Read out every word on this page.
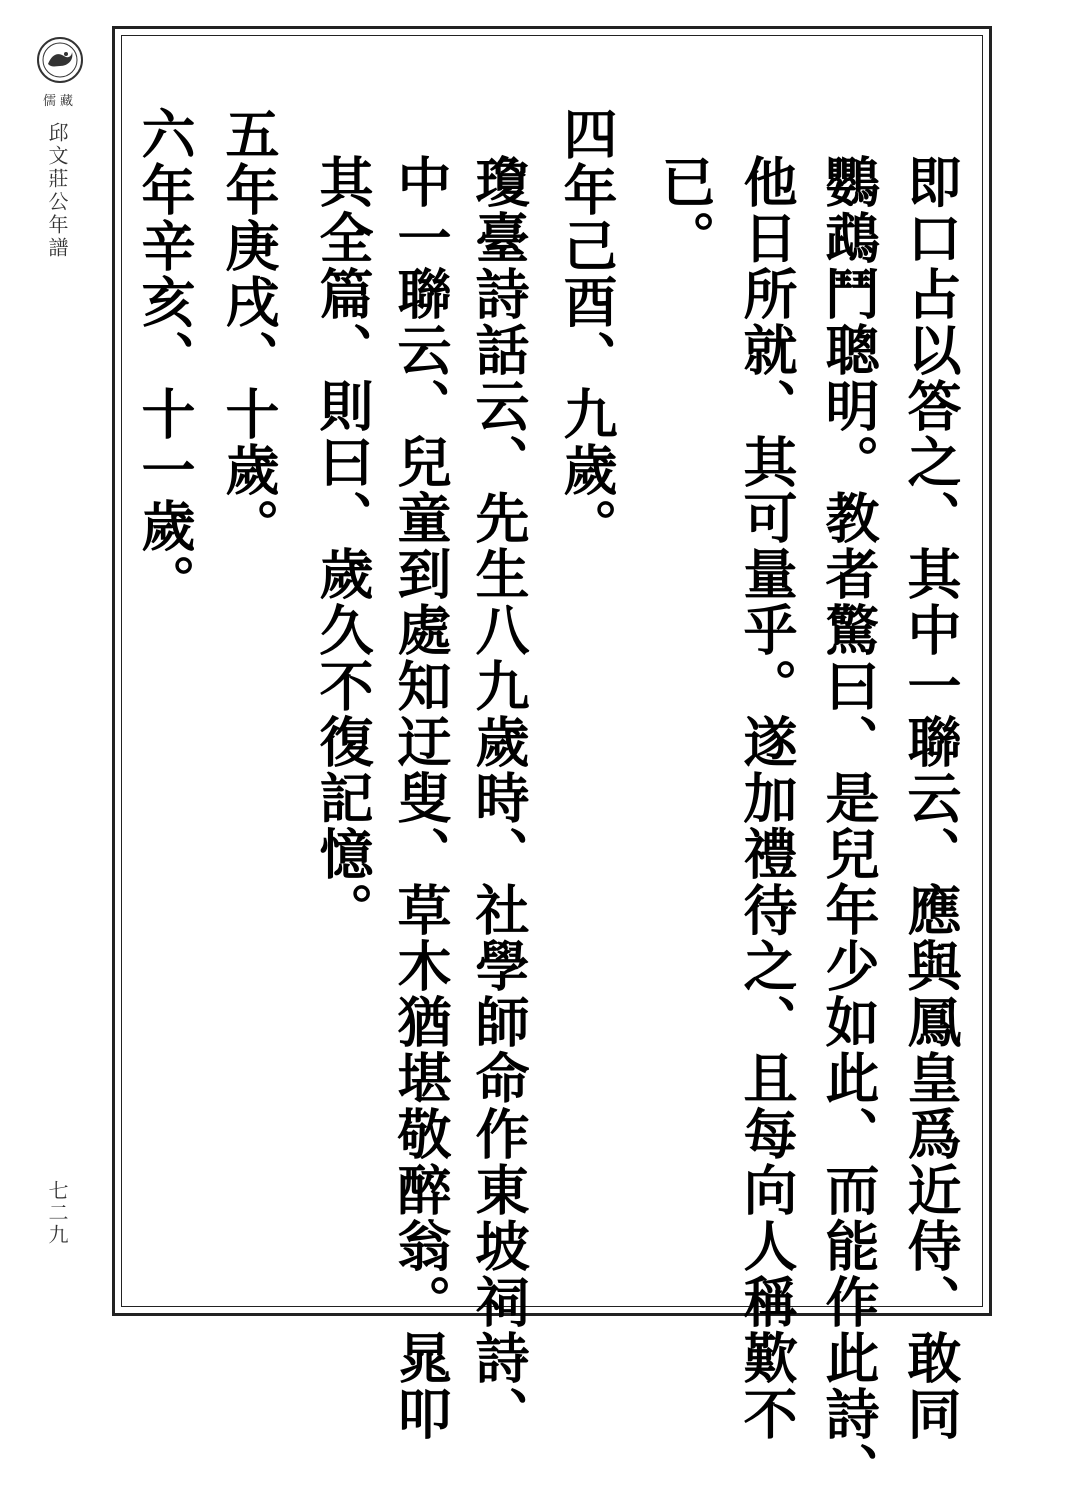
儒藏
邱文莊公年譜
七二九	即口占以答之、其中一聯云、應與鳳皇爲近侍、敢同
鸚鵡鬥聰明。教者驚曰、是兒年少如此、而能作此詩、
他日所就、其可量乎。遂加禮待之、且每向人稱歎不
已。
四年己酉、九歲。
瓊臺詩話云、先生八九歲時、社學師命作東坡祠詩、
中一聯云、兒童到處知迂叟、草木猶堪敬醉翁。晁叩
其全篇、則曰、歲久不復記憶。
五年庚戌、十歲。
六年辛亥、十一歲。
